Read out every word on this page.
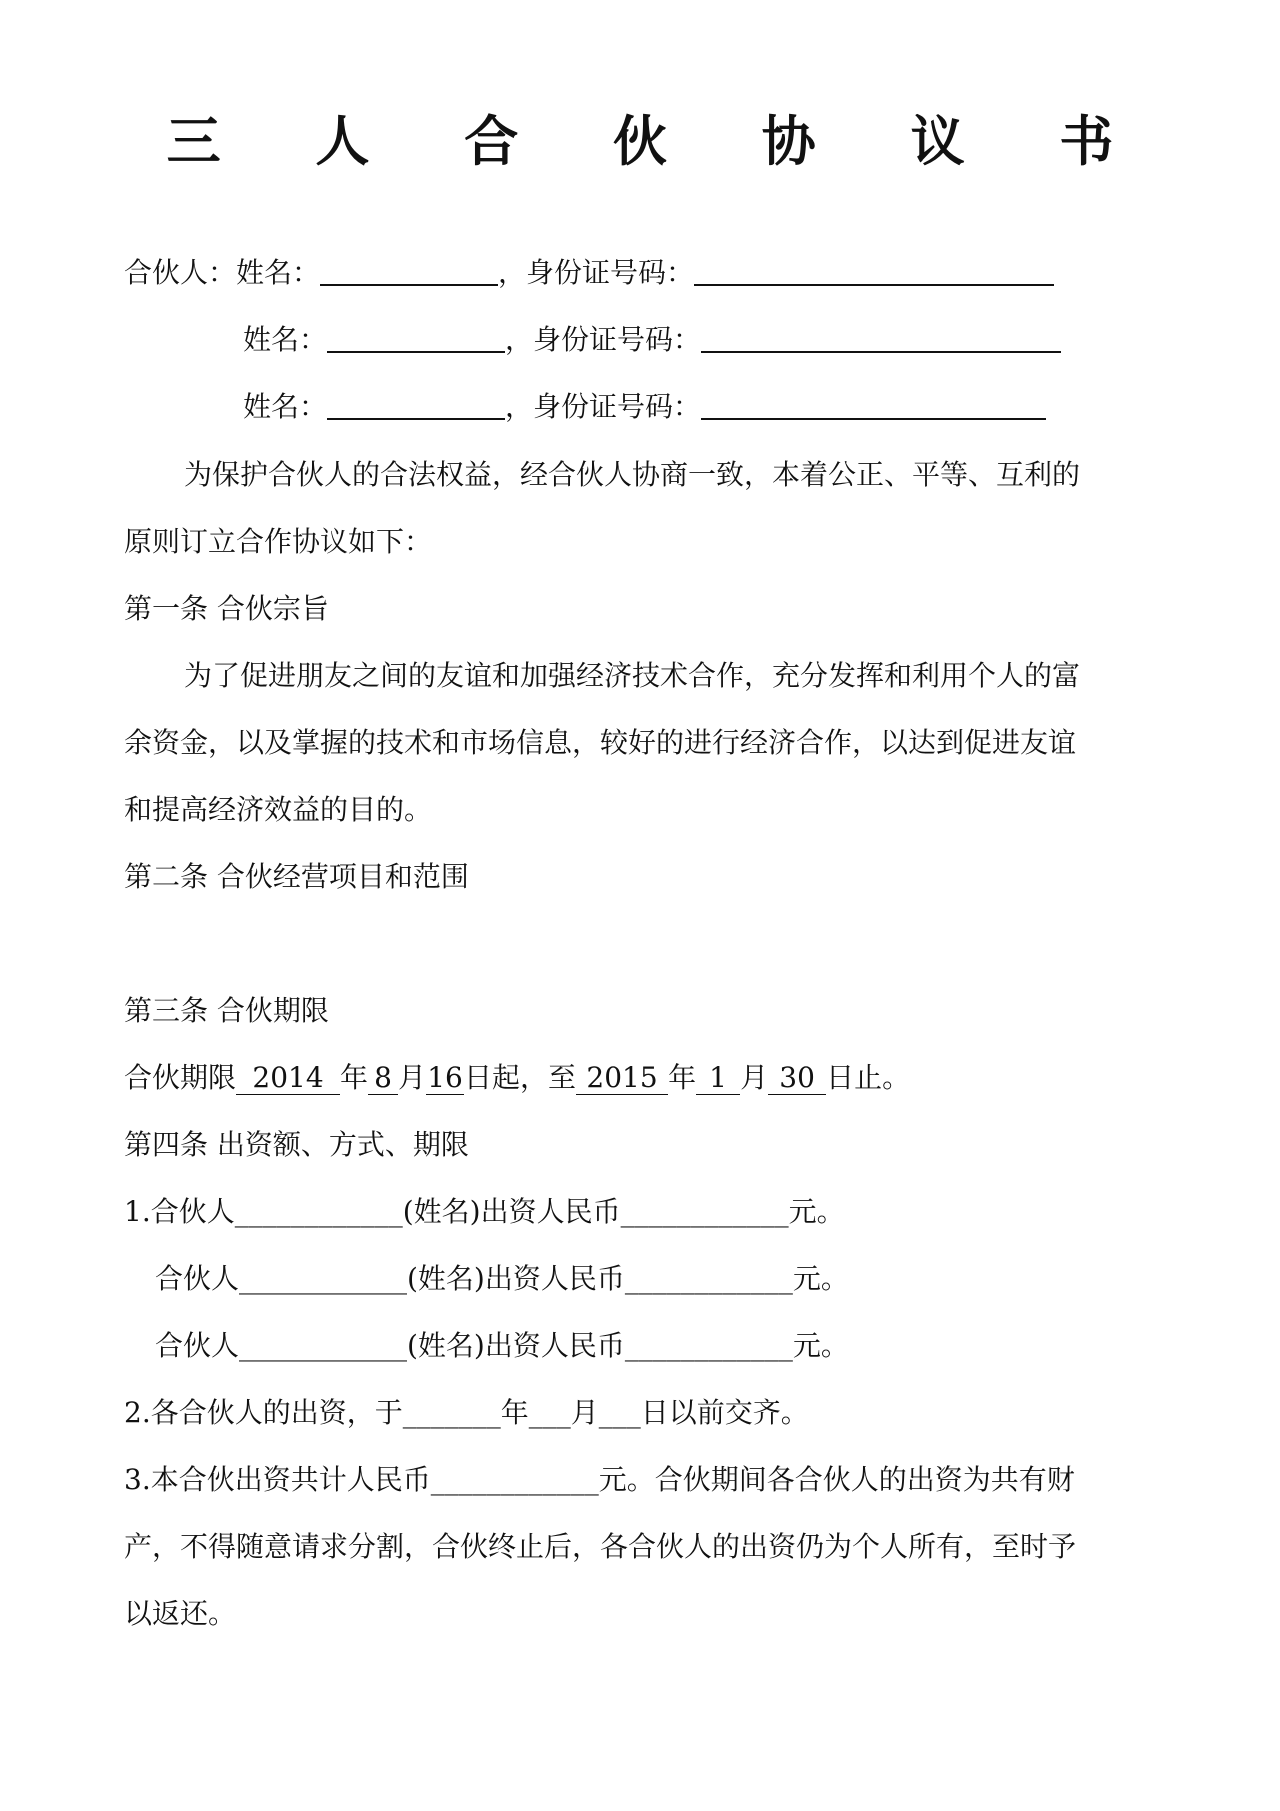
三 人 合 伙 协 议 书
合伙人：姓名：	，身份证号码：
姓名：	，身份证号码：
姓名：	，身份证号码：
为保护合伙人的合法权益，经合伙人协商一致，本着公正、平等、互利的
原则订立合作协议如下：
第一条 合伙宗旨
为了促进朋友之间的友谊和加强经济技术合作，充分发挥和利用个人的富
余资金，以及掌握的技术和市场信息，较好的进行经济合作，以达到促进友谊
和提高经济效益的目的。
第二条 合伙经营项目和范围
第三条 合伙期限
合伙期限 2014 年 8 月16日起，至 2015 年 1 月 30 日止。
第四条 出资额、方式、期限
1.合伙人____________(姓名)出资人民币____________元。
合伙人____________(姓名)出资人民币____________元。
合伙人____________(姓名)出资人民币____________元。
2.各合伙人的出资，于_______年___月___日以前交齐。
3.本合伙出资共计人民币____________元。合伙期间各合伙人的出资为共有财
产，不得随意请求分割，合伙终止后，各合伙人的出资仍为个人所有，至时予
以返还。
